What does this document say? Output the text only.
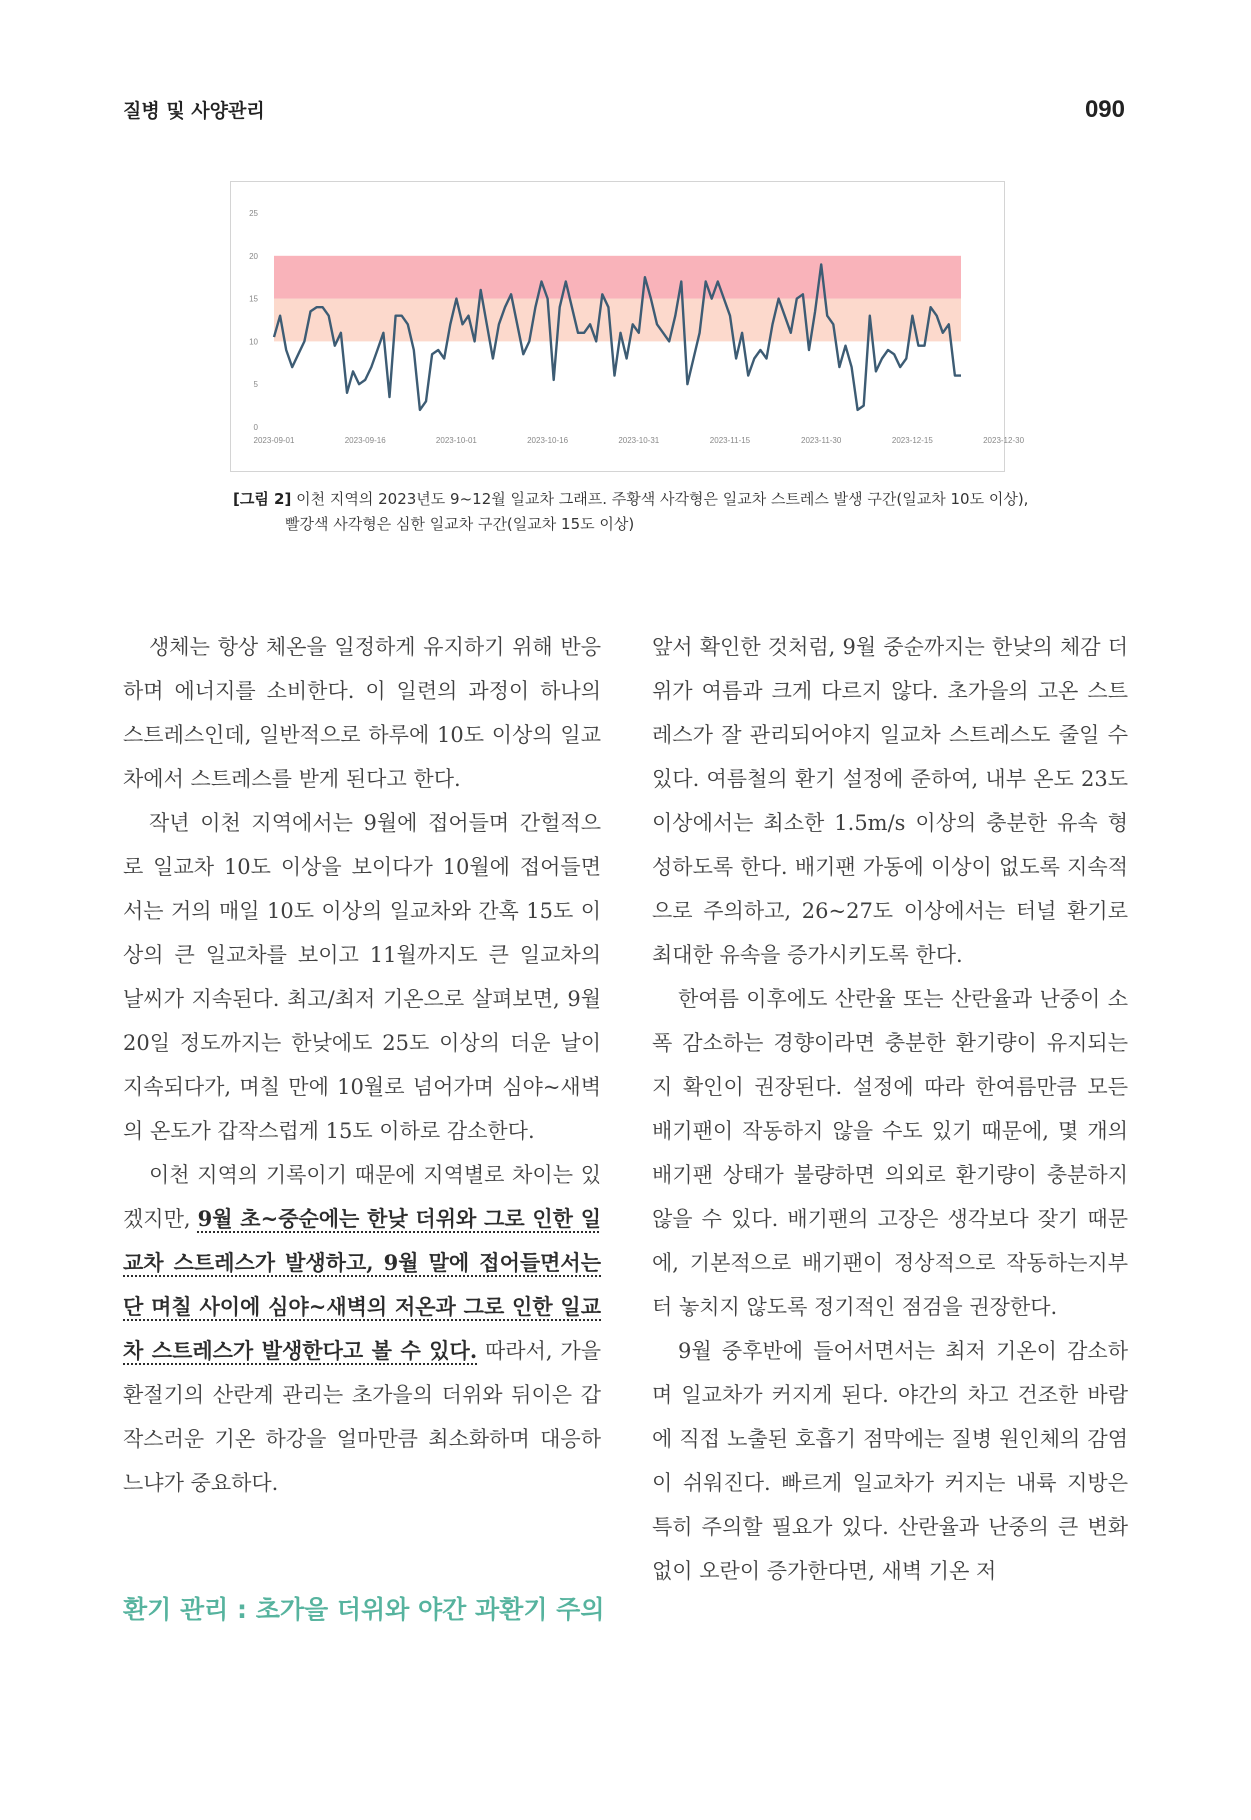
질병 및 사양관리	090
0
5
10
15
20
25
2023-09-01	2023-09-16	2023-10-01	2023-10-16	2023-10-31	2023-11-15	2023-11-30	2023-12-15	2023-12-30
[그림 2] 이천 지역의 2023년도 9~12월 일교차 그래프. 주황색 사각형은 일교차 스트레스 발생 구간(일교차 10도 이상),
빨강색 사각형은 심한 일교차 구간(일교차 15도 이상)

생체는 항상 체온을 일정하게 유지하기 위해 반응하며 에너지를 소비한다. 이 일련의 과정이 하나의 스트레스인데, 일반적으로 하루에 10도 이상의 일교차에서 스트레스를 받게 된다고 한다.

작년 이천 지역에서는 9월에 접어들며 간헐적으로 일교차 10도 이상을 보이다가 10월에 접어들면서는 거의 매일 10도 이상의 일교차와 간혹 15도 이상의 큰 일교차를 보이고 11월까지도 큰 일교차의 날씨가 지속된다. 최고/최저 기온으로 살펴보면, 9월 20일 정도까지는 한낮에도 25도 이상의 더운 날이 지속되다가, 며칠 만에 10월로 넘어가며 심야~새벽의 온도가 갑작스럽게 15도 이하로 감소한다.

이천 지역의 기록이기 때문에 지역별로 차이는 있겠지만, 9월 초~중순에는 한낮 더위와 그로 인한 일교차 스트레스가 발생하고, 9월 말에 접어들면서는 단 며칠 사이에 심야~새벽의 저온과 그로 인한 일교차 스트레스가 발생한다고 볼 수 있다. 따라서, 가을 환절기의 산란계 관리는 초가을의 더위와 뒤이은 갑작스러운 기온 하강을 얼마만큼 최소화하며 대응하느냐가 중요하다.

환기 관리 : 초가을 더위와 야간 과환기 주의

앞서 확인한 것처럼, 9월 중순까지는 한낮의 체감 더위가 여름과 크게 다르지 않다. 초가을의 고온 스트레스가 잘 관리되어야지 일교차 스트레스도 줄일 수 있다. 여름철의 환기 설정에 준하여, 내부 온도 23도 이상에서는 최소한 1.5m/s 이상의 충분한 유속 형성하도록 한다. 배기팬 가동에 이상이 없도록 지속적으로 주의하고, 26~27도 이상에서는 터널 환기로 최대한 유속을 증가시키도록 한다.

한여름 이후에도 산란율 또는 산란율과 난중이 소폭 감소하는 경향이라면 충분한 환기량이 유지되는지 확인이 권장된다. 설정에 따라 한여름만큼 모든 배기팬이 작동하지 않을 수도 있기 때문에, 몇 개의 배기팬 상태가 불량하면 의외로 환기량이 충분하지 않을 수 있다. 배기팬의 고장은 생각보다 잦기 때문에, 기본적으로 배기팬이 정상적으로 작동하는지부터 놓치지 않도록 정기적인 점검을 권장한다.

9월 중후반에 들어서면서는 최저 기온이 감소하며 일교차가 커지게 된다. 야간의 차고 건조한 바람에 직접 노출된 호흡기 점막에는 질병 원인체의 감염이 쉬워진다. 빠르게 일교차가 커지는 내륙 지방은 특히 주의할 필요가 있다. 산란율과 난중의 큰 변화 없이 오란이 증가한다면, 새벽 기온 저
